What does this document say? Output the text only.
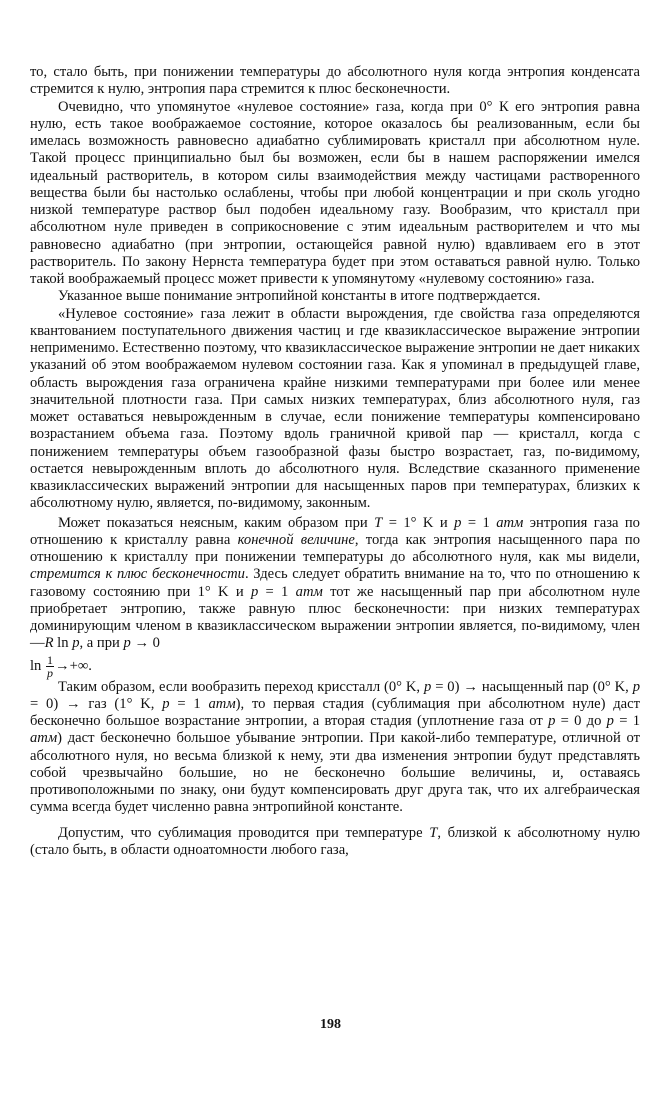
то, стало быть, при понижении температуры до абсолютного нуля когда энтропия конденсата стремится к нулю, энтропия пара стремится к плюс бесконечности.

Очевидно, что упомянутое «нулевое состояние» газа, когда при 0° К его энтропия равна нулю, есть такое воображаемое состояние, которое оказалось бы реализованным, если бы имелась возможность равновесно адиабатно сублимировать кристалл при абсолютном нуле. Такой процесс принципиально был бы возможен, если бы в нашем распоряжении имелся идеальный растворитель, в котором силы взаимодействия между частицами растворенного вещества были бы настолько ослаблены, чтобы при любой концентрации и при сколь угодно низкой температуре раствор был подобен идеальному газу. Вообразим, что кристалл при абсолютном нуле приведен в соприкосновение с этим идеальным растворителем и что мы равновесно адиабатно (при энтропии, остающейся равной нулю) вдавливаем его в этот растворитель. По закону Нернста температура будет при этом оставаться равной нулю. Только такой воображаемый процесс может привести к упомянутому «нулевому состоянию» газа.

Указанное выше понимание энтропийной константы в итоге подтверждается.

«Нулевое состояние» газа лежит в области вырождения, где свойства газа определяются квантованием поступательного движения частиц и где квазиклассическое выражение энтропии неприменимо. Естественно поэтому, что квазиклассическое выражение энтропии не дает никаких указаний об этом воображаемом нулевом состоянии газа. Как я упоминал в предыдущей главе, область вырождения газа ограничена крайне низкими температурами при более или менее значительной плотности газа. При самых низких температурах, близ абсолютного нуля, газ может оставаться невырожденным в случае, если понижение температуры компенсировано возрастанием объема газа. Поэтому вдоль граничной кривой пар — кристалл, когда с понижением температуры объем газообразной фазы быстро возрастает, газ, по-видимому, остается невырожденным вплоть до абсолютного нуля. Вследствие сказанного применение квазиклассических выражений энтропии для насыщенных паров при температурах, близких к абсолютному нулю, является, по-видимому, законным.

Может показаться неясным, каким образом при T = 1° K и p = 1 атм энтропия газа по отношению к кристаллу равна конечной величине, тогда как энтропия насыщенного пара по отношению к кристаллу при понижении температуры до абсолютного нуля, как мы видели, стремится к плюс бесконечности. Здесь следует обратить внимание на то, что по отношению к газовому состоянию при 1° K и p = 1 атм тот же насыщенный пар при абсолютном нуле приобретает энтропию, также равную плюс бесконечности: при низких температурах доминирующим членом в квазиклассическом выражении энтропии является, по-видимому, член —R ln p, а при p → 0

$\ln \frac{1}{p}$ →+∞.

Таким образом, если вообразить переход криссталл (0° K, p = 0) → насыщенный пар (0° K, p = 0) → газ (1° K, p = 1 атм), то первая стадия (сублимация при абсолютном нуле) даст бесконечно большое возрастание энтропии, а вторая стадия (уплотнение газа от p = 0 до p = 1 атм) даст бесконечно большое убывание энтропии. При какой-либо температуре, отличной от абсолютного нуля, но весьма близкой к нему, эти два изменения энтропии будут представлять собой чрезвычайно большие, но не бесконечно большие величины, и, оставаясь противоположными по знаку, они будут компенсировать друг друга так, что их алгебраическая сумма всегда будет численно равна энтропийной константе.

Допустим, что сублимация проводится при температуре T, близкой к абсолютному нулю (стало быть, в области одноатомности любого газа,

198
